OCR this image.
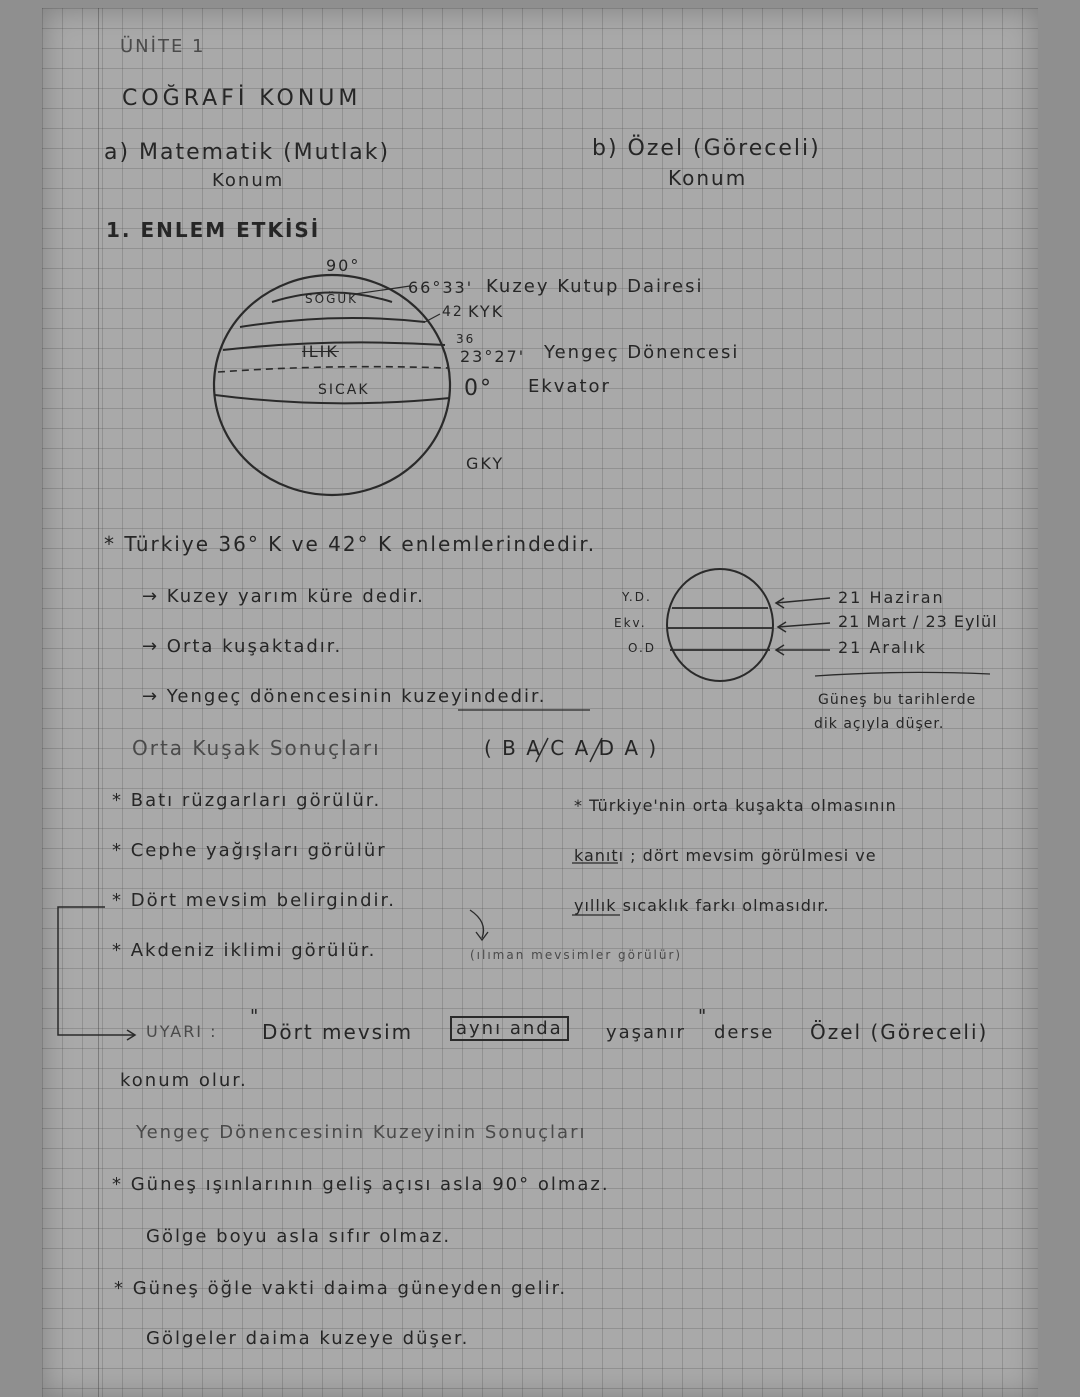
ÜNİTE 1
COĞRAFİ KONUM
a) Matematik (Mutlak)
Konum
b) Özel (Göreceli)
Konum
1. ENLEM ETKİSİ
90°
SOĞUK
ILIK
SICAK
66°33' Kuzey Kutup Dairesi
42 KYK
36
23°27' Yengeç Dönencesi
0° Ekvator
GKY
* Türkiye 36° K ve 42° K enlemlerindedir.
→ Kuzey yarım küre dedir.
→ Orta kuşaktadır.
→ Yengeç dönencesinin kuzeyindedir.
Y.D.
Ekv.
O.D
21 Haziran
21 Mart / 23 Eylül
21 Aralık
Güneş bu tarihlerde
dik açıyla düşer.
Orta Kuşak Sonuçları	( B A C A D A )
* Batı rüzgarları görülür.
* Cephe yağışları görülür
* Dört mevsim belirgindir.
* Akdeniz iklimi görülür.	(ılıman mevsimler görülür)
* Türkiye'nin orta kuşakta olmasının
kanıtı ; dört mevsim görülmesi ve
yıllık sıcaklık farkı olmasıdır.
UYARI :
"
Dört mevsim	aynı anda	yaşanır
"
derse Özel (Göreceli)
konum olur.
Yengeç Dönencesinin Kuzeyinin Sonuçları
* Güneş ışınlarının geliş açısı asla 90° olmaz.
Gölge boyu asla sıfır olmaz.
* Güneş öğle vakti daima güneyden gelir.
Gölgeler daima kuzeye düşer.
